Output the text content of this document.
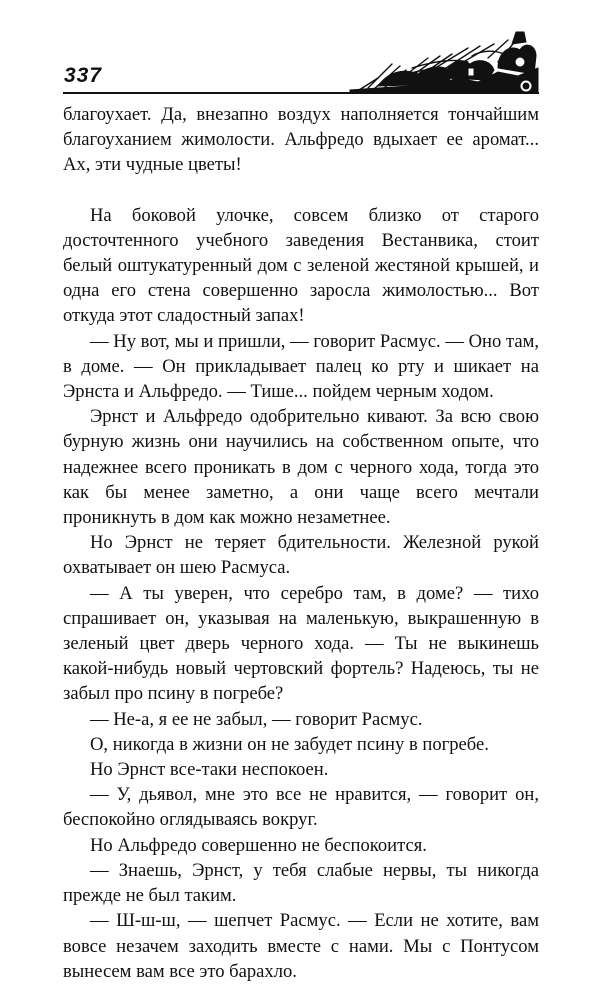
337

благоухает. Да, внезапно воздух наполняется тончайшим благоуханием жимолости. Альфредо вдыхает ее аромат... Ах, эти чудные цветы!

На боковой улочке, совсем близко от старого досточтенного учебного заведения Вестанвика, стоит белый оштукатуренный дом с зеленой жестяной крышей, и одна его стена совершенно заросла жимолостью... Вот откуда этот сладостный запах!

— Ну вот, мы и пришли, — говорит Расмус. — Оно там, в доме. — Он прикладывает палец ко рту и шикает на Эрнста и Альфредо. — Тише... пойдем черным ходом.

Эрнст и Альфредо одобрительно кивают. За всю свою бурную жизнь они научились на собственном опыте, что надежнее всего проникать в дом с черного хода, тогда это как бы менее заметно, а они чаще всего мечтали проникнуть в дом как можно незаметнее.

Но Эрнст не теряет бдительности. Железной рукой охватывает он шею Расмуса.

— А ты уверен, что серебро там, в доме? — тихо спрашивает он, указывая на маленькую, выкрашенную в зеленый цвет дверь черного хода. — Ты не выкинешь какой-нибудь новый чертовский фортель? Надеюсь, ты не забыл про псину в погребе?

— Не-а, я ее не забыл, — говорит Расмус.

О, никогда в жизни он не забудет псину в погребе.

Но Эрнст все-таки неспокоен.

— У, дьявол, мне это все не нравится, — говорит он, беспокойно оглядываясь вокруг.

Но Альфредо совершенно не беспокоится.

— Знаешь, Эрнст, у тебя слабые нервы, ты никогда прежде не был таким.

— Ш-ш-ш, — шепчет Расмус. — Если не хотите, вам вовсе незачем заходить вместе с нами. Мы с Понтусом вынесем вам все это барахло.
